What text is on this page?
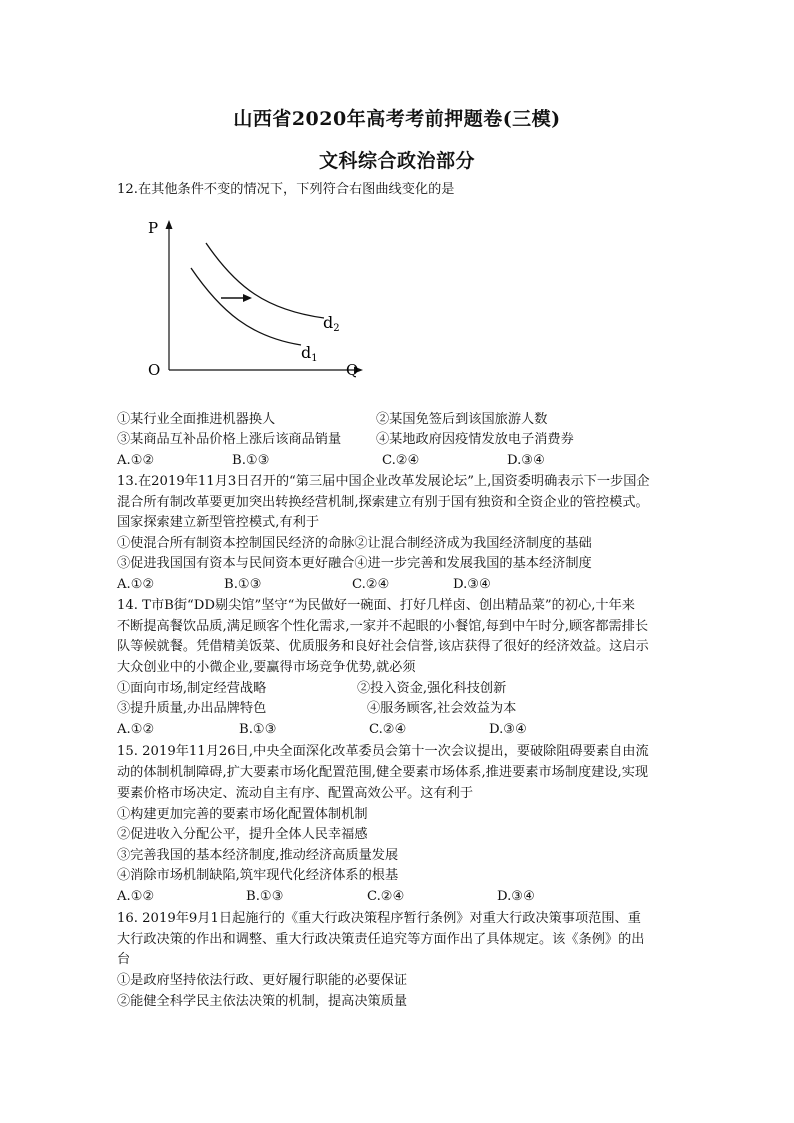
山西省2020年高考考前押题卷(三模)
文科综合政治部分
12.在其他条件不变的情况下，下列符合右图曲线变化的是
P
O	Q
d1
d2
①某行业全面推进机器换人	②某国免签后到该国旅游人数
③某商品互补品价格上涨后该商品销量	④某地政府因疫情发放电子消费券
A.①②	B.①③	C.②④	D.③④
13.在2019年11月3日召开的“第三届中国企业改革发展论坛”上,国资委明确表示下一步国企
混合所有制改革要更加突出转换经营机制,探索建立有别于国有独资和全资企业的管控模式。
国家探索建立新型管控模式,有利于
①使混合所有制资本控制国民经济的命脉②让混合制经济成为我国经济制度的基础
③促进我国国有资本与民间资本更好融合④进一步完善和发展我国的基本经济制度
A.①②	B.①③	C.②④	D.③④
14. T市B街“DD剔尖馆”坚守“为民做好一碗面、打好几样卤、创出精品菜”的初心,十年来
不断提高餐饮品质,满足顾客个性化需求,一家并不起眼的小餐馆,每到中午时分,顾客都需排长
队等候就餐。凭借精美饭菜、优质服务和良好社会信誉,该店获得了很好的经济效益。这启示
大众创业中的小微企业,要赢得市场竞争优势,就必须
①面向市场,制定经营战略	②投入资金,强化科技创新
③提升质量,办出品牌特色	④服务顾客,社会效益为本
A.①②	B.①③	C.②④	D.③④
15. 2019年11月26日,中央全面深化改革委员会第十一次会议提出，要破除阻碍要素自由流
动的体制机制障碍,扩大要素市场化配置范围,健全要素市场体系,推进要素市场制度建设,实现
要素价格市场决定、流动自主有序、配置高效公平。这有利于
①构建更加完善的要素市场化配置体制机制
②促进收入分配公平，提升全体人民幸福感
③完善我国的基本经济制度,推动经济高质量发展
④消除市场机制缺陷,筑牢现代化经济体系的根基
A.①②	B.①③	C.②④	D.③④
16. 2019年9月1日起施行的《重大行政决策程序暂行条例》对重大行政决策事项范围、重
大行政决策的作出和调整、重大行政决策责任追究等方面作出了具体规定。该《条例》的出
台
①是政府坚持依法行政、更好履行职能的必要保证
②能健全科学民主依法决策的机制，提高决策质量
